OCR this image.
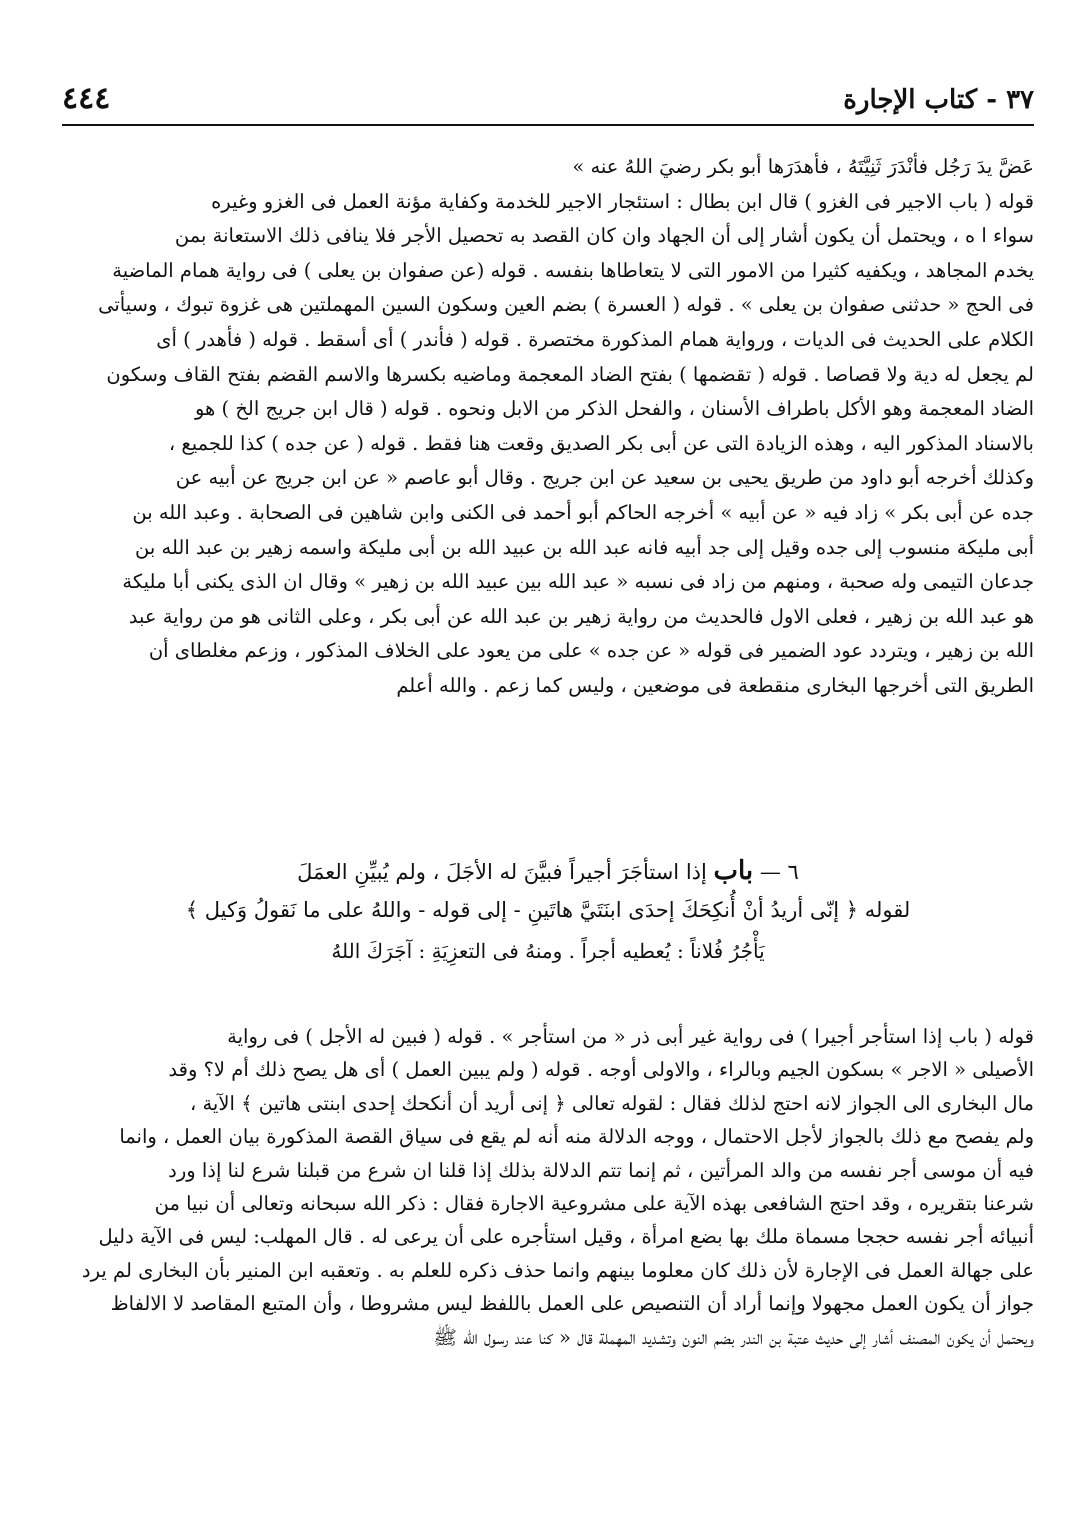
٤٤٤	٣٧ - كتاب الإجارة

عَضَّ يدَ رَجُل فأنْدَرَ ثَنِيَّتَهُ ، فأهدَرَها أبو بكر رضيَ اللهُ عنه »

قوله ( باب الاجير فى الغزو ) قال ابن بطال : استئجار الاجير للخدمة وكفاية مؤنة العمل فى الغزو وغيره

سواء ا ه ، ويحتمل أن يكون أشار إلى أن الجهاد وان كان القصد به تحصيل الأجر فلا ينافى ذلك الاستعانة بمن

يخدم المجاهد ، ويكفيه كثيرا من الامور التى لا يتعاطاها بنفسه . قوله (عن صفوان بن يعلى ) فى رواية همام الماضية

فى الحج « حدثنى صفوان بن يعلى » . قوله ( العسرة ) بضم العين وسكون السين المهملتين هى غزوة تبوك ، وسيأتى

الكلام على الحديث فى الديات ، ورواية همام المذكورة مختصرة . قوله ( فأندر ) أى أسقط . قوله ( فأهدر ) أى

لم يجعل له دية ولا قصاصا . قوله ( تقضمها ) بفتح الضاد المعجمة وماضيه بكسرها والاسم القضم بفتح القاف وسكون

الضاد المعجمة وهو الأكل باطراف الأسنان ، والفحل الذكر من الابل ونحوه . قوله ( قال ابن جريج الخ ) هو

بالاسناد المذكور اليه ، وهذه الزيادة التى عن أبى بكر الصديق وقعت هنا فقط . قوله ( عن جده ) كذا للجميع ،

وكذلك أخرجه أبو داود من طريق يحيى بن سعيد عن ابن جريج . وقال أبو عاصم « عن ابن جريج عن أبيه عن

جده عن أبى بكر » زاد فيه « عن أبيه » أخرجه الحاكم أبو أحمد فى الكنى وابن شاهين فى الصحابة . وعبد الله بن

أبى مليكة منسوب إلى جده وقيل إلى جد أبيه فانه عبد الله بن عبيد الله بن أبى مليكة واسمه زهير بن عبد الله بن

جدعان التيمى وله صحبة ، ومنهم من زاد فى نسبه « عبد الله بين عبيد الله بن زهير » وقال ان الذى يكنى أبا مليكة

هو عبد الله بن زهير ، فعلى الاول فالحديث من رواية زهير بن عبد الله عن أبى بكر ، وعلى الثانى هو من رواية عبد

الله بن زهير ، ويتردد عود الضمير فى قوله « عن جده » على من يعود على الخلاف المذكور ، وزعم مغلطاى أن

الطريق التى أخرجها البخارى منقطعة فى موضعين ، وليس كما زعم . والله أعلم

٦ — باب إذا استأجَرَ أجيراً فبيَّنَ له الأجَلَ ، ولم يُبيِّنِ العمَلَ
لقوله ﴿ إنّى أريدُ أنْ أُنكِحَكَ إحدَى ابنَتَيَّ هاتَينِ - إلى قوله - واللهُ على ما نَقولُ وَكيل ﴾
يَأْجُرُ فُلاناً : يُعطيه أجراً . ومنهُ فى التعزِيَةِ : آجَرَكَ اللهُ

قوله ( باب إذا استأجر أجيرا ) فى رواية غير أبى ذر « من استأجر » . قوله ( فبين له الأجل ) فى رواية

الأصيلى « الاجر » بسكون الجيم وبالراء ، والاولى أوجه . قوله ( ولم يبين العمل ) أى هل يصح ذلك أم لا؟ وقد

مال البخارى الى الجواز لانه احتج لذلك فقال : لقوله تعالى ﴿ إنى أريد أن أنكحك إحدى ابنتى هاتين ﴾ الآية ،

ولم يفصح مع ذلك بالجواز لأجل الاحتمال ، ووجه الدلالة منه أنه لم يقع فى سياق القصة المذكورة بيان العمل ، وانما

فيه أن موسى أجر نفسه من والد المرأتين ، ثم إنما تتم الدلالة بذلك إذا قلنا ان شرع من قبلنا شرع لنا إذا ورد

شرعنا بتقريره ، وقد احتج الشافعى بهذه الآية على مشروعية الاجارة فقال : ذكر الله سبحانه وتعالى أن نبيا من

أنبيائه أجر نفسه حججا مسماة ملك بها بضع امرأة ، وقيل استأجره على أن يرعى له . قال المهلب: ليس فى الآية دليل

على جهالة العمل فى الإجارة لأن ذلك كان معلوما بينهم وانما حذف ذكره للعلم به . وتعقبه ابن المنير بأن البخارى لم يرد

جواز أن يكون العمل مجهولا وإنما أراد أن التنصيص على العمل باللفظ ليس مشروطا ، وأن المتبع المقاصد لا الالفاظ

ويحتمل أن يكون المصنف أشار إلى حديث عتبة بن الندر بضم النون وتشديد المهملة قال « كنا عند رسول الله ﷺ
